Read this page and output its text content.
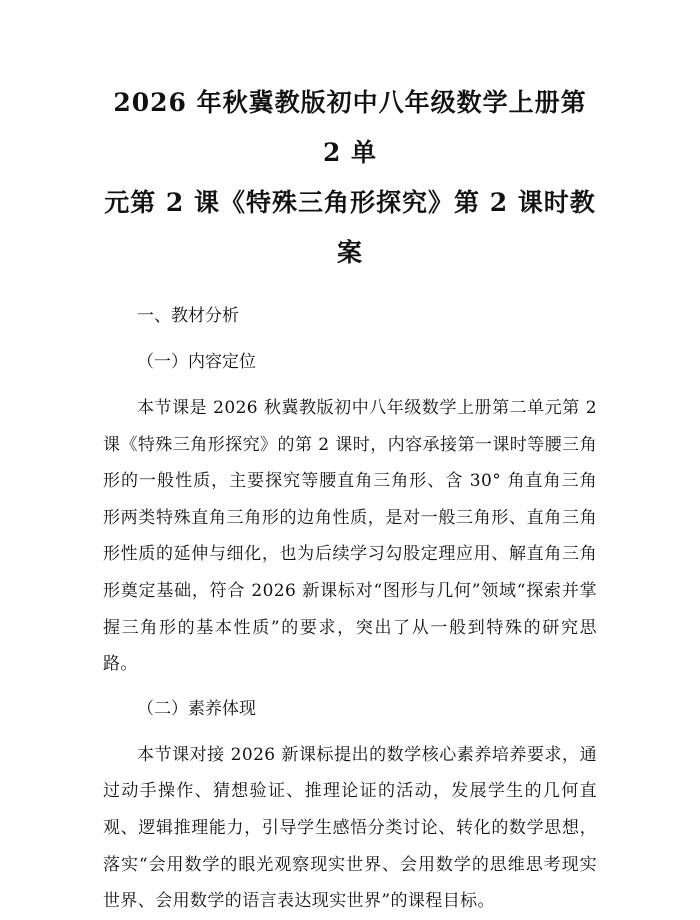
2026 年秋冀教版初中八年级数学上册第 2 单
元第 2 课《特殊三角形探究》第 2 课时教案

一、教材分析

（一）内容定位

本节课是 2026 秋冀教版初中八年级数学上册第二单元第 2 课《特殊三角形探究》的第 2 课时，内容承接第一课时等腰三角形的一般性质，主要探究等腰直角三角形、含 30° 角直角三角形两类特殊直角三角形的边角性质，是对一般三角形、直角三角形性质的延伸与细化，也为后续学习勾股定理应用、解直角三角形奠定基础，符合 2026 新课标对“图形与几何”领域“探索并掌握三角形的基本性质”的要求，突出了从一般到特殊的研究思路。

（二）素养体现

本节课对接 2026 新课标提出的数学核心素养培养要求，通过动手操作、猜想验证、推理论证的活动，发展学生的几何直观、逻辑推理能力，引导学生感悟分类讨论、转化的数学思想，落实“会用数学的眼光观察现实世界、会用数学的思维思考现实世界、会用数学的语言表达现实世界”的课程目标。
